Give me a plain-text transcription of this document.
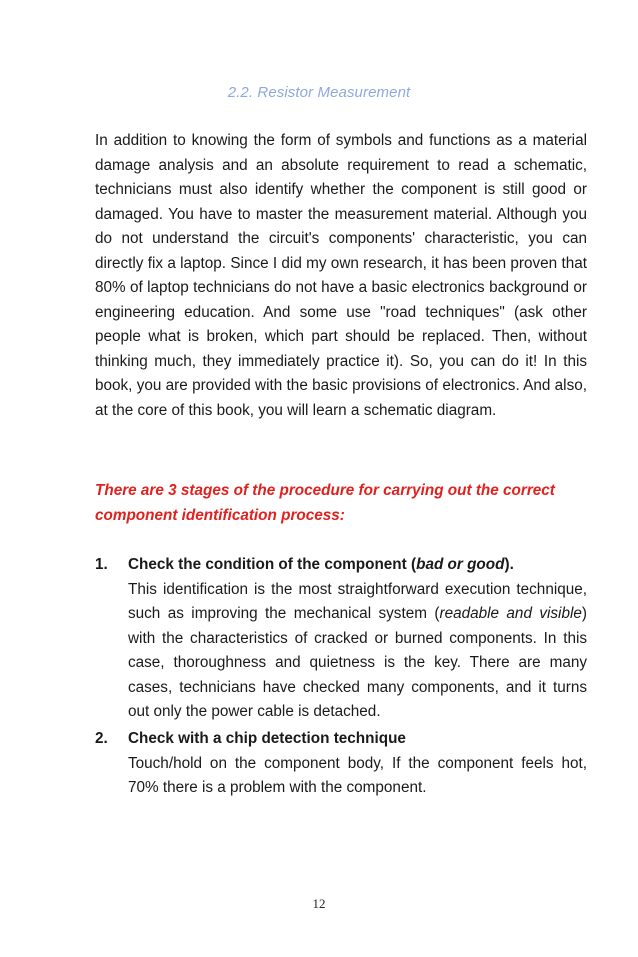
2.2. Resistor Measurement

In addition to knowing the form of symbols and functions as a material damage analysis and an absolute requirement to read a schematic, technicians must also identify whether the component is still good or damaged. You have to master the measurement material. Although you do not understand the circuit's components' characteristic, you can directly fix a laptop. Since I did my own research, it has been proven that 80% of laptop technicians do not have a basic electronics background or engineering education. And some use "road techniques" (ask other people what is broken, which part should be replaced. Then, without thinking much, they immediately practice it). So, you can do it! In this book, you are provided with the basic provisions of electronics. And also, at the core of this book, you will learn a schematic diagram.

There are 3 stages of the procedure for carrying out the correct component identification process:

1. Check the condition of the component (bad or good).

This identification is the most straightforward execution technique, such as improving the mechanical system (readable and visible) with the characteristics of cracked or burned components. In this case, thoroughness and quietness is the key. There are many cases, technicians have checked many components, and it turns out only the power cable is detached.

2. Check with a chip detection technique

Touch/hold on the component body, If the component feels hot, 70% there is a problem with the component.

12
